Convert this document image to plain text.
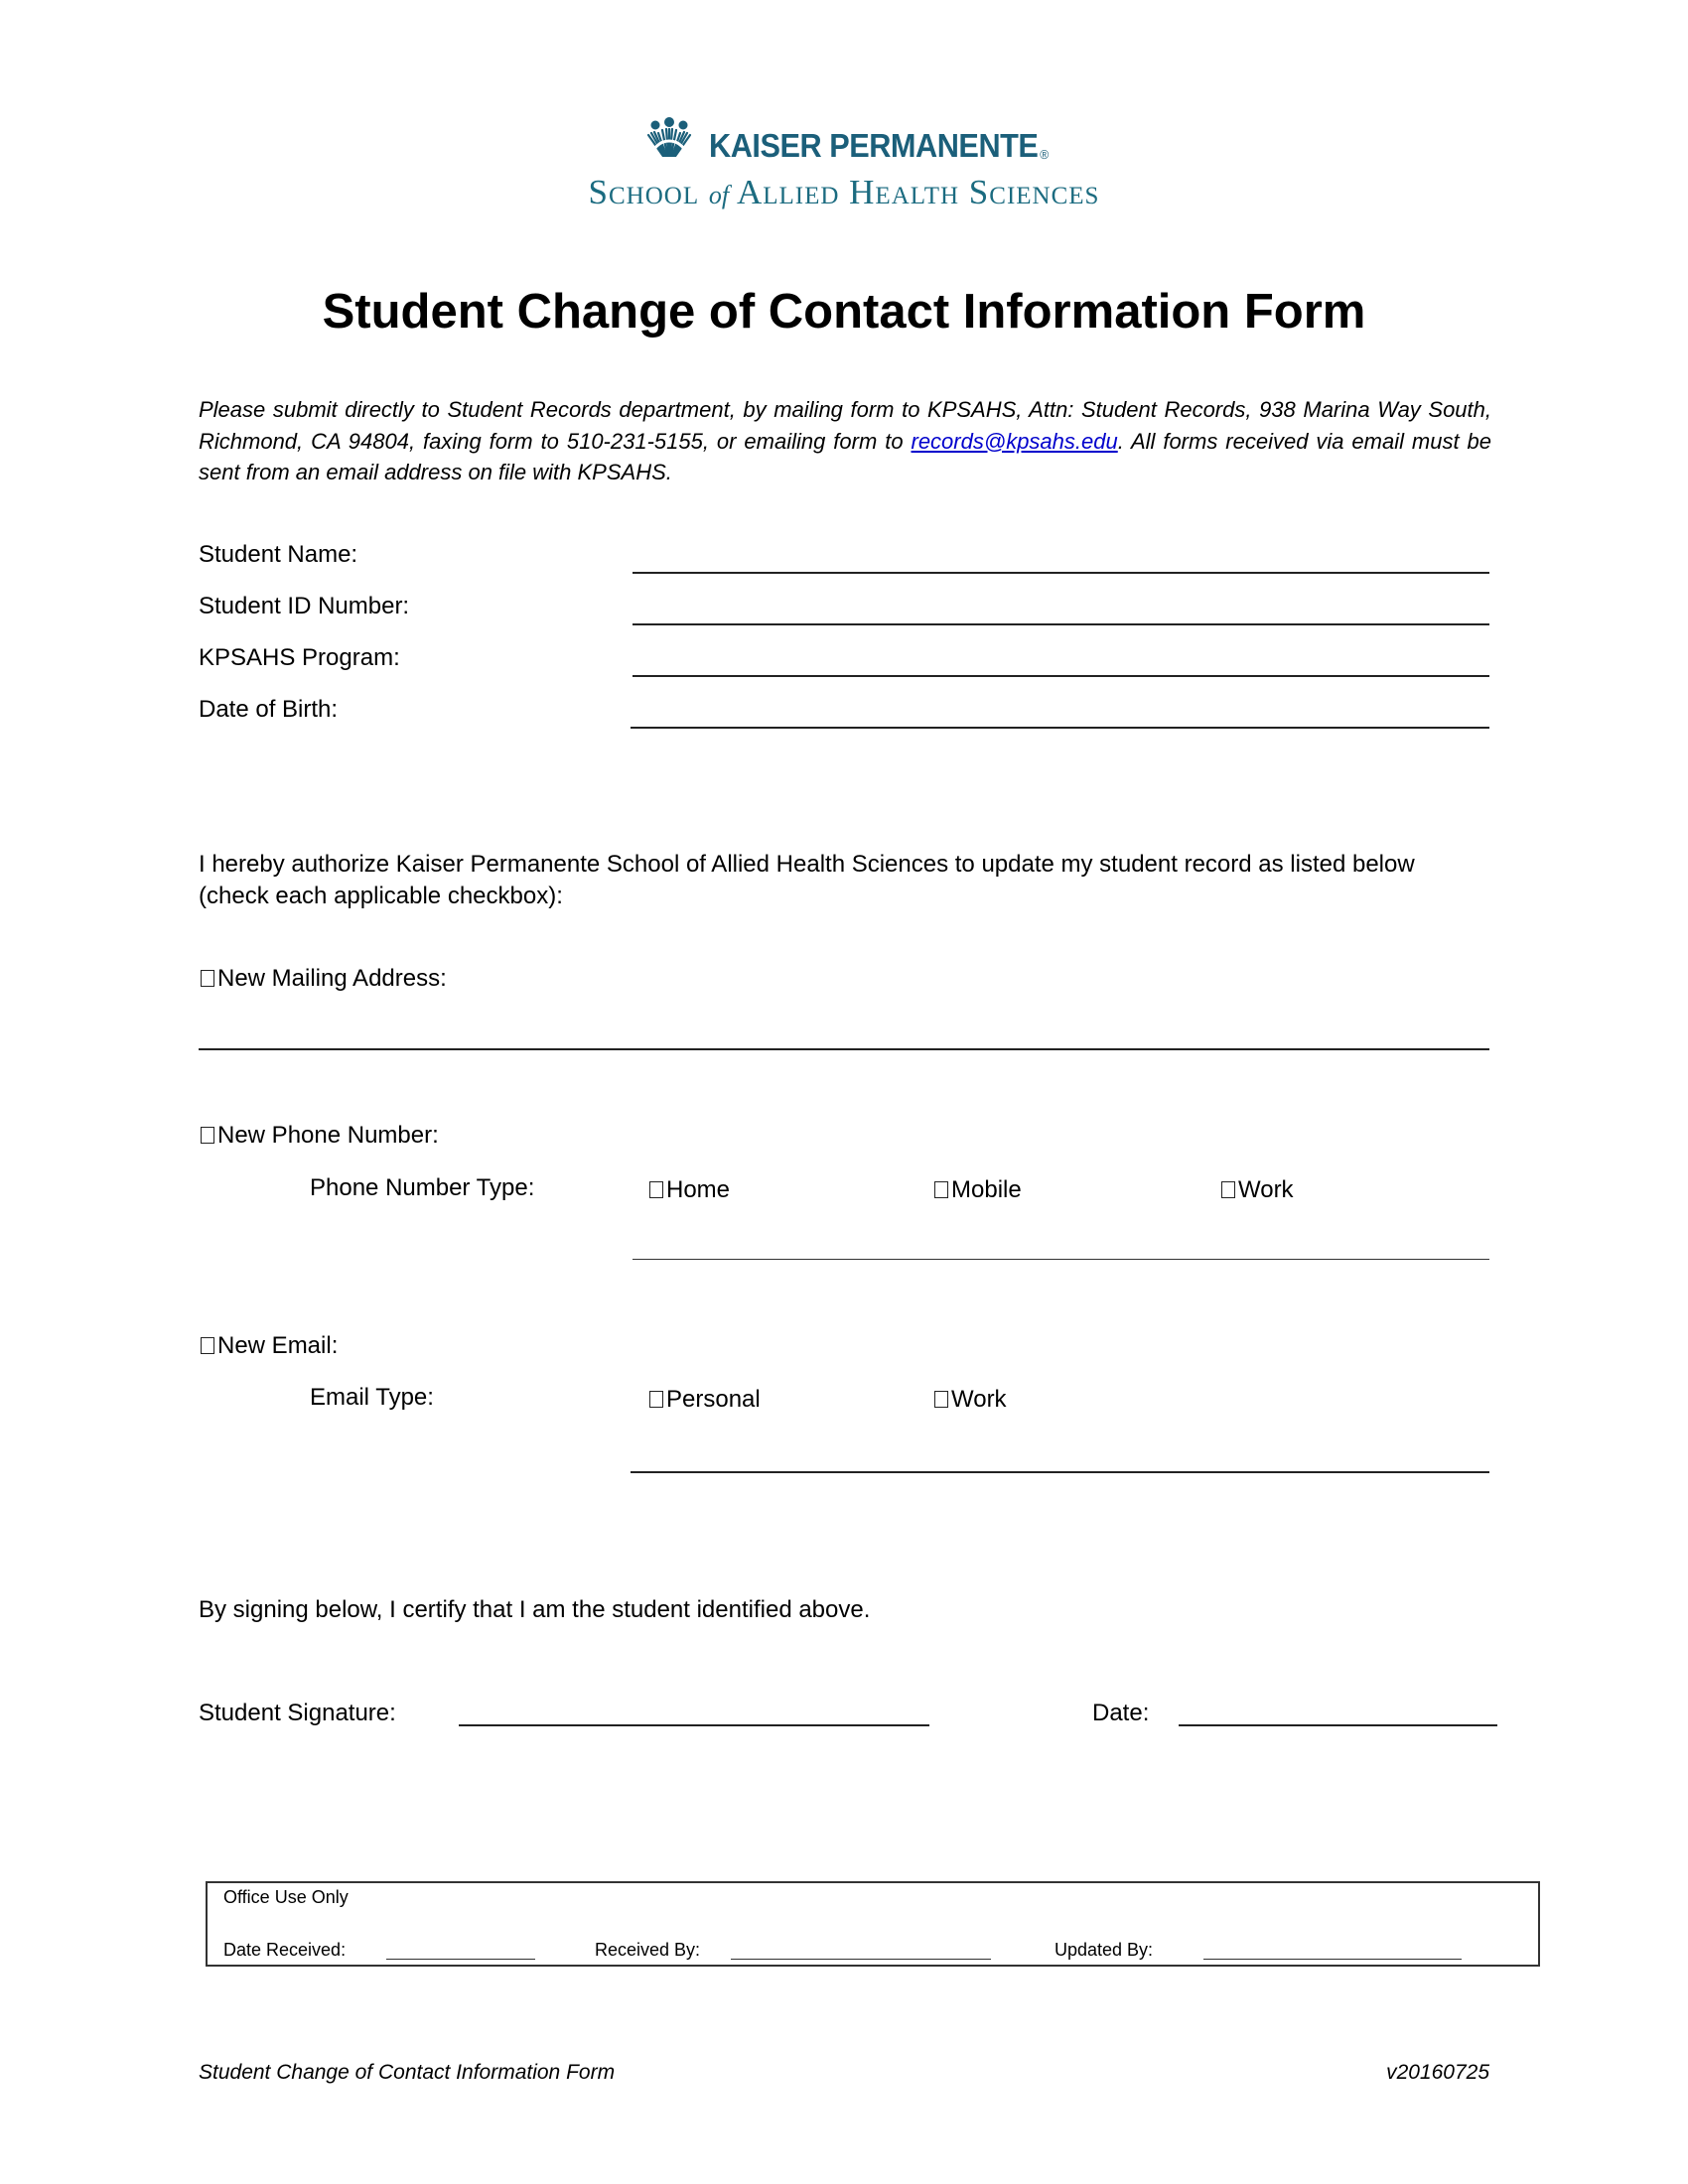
KAISER PERMANENTE ®
School of Allied Health Sciences
Student Change of Contact Information Form
Please submit directly to Student Records department, by mailing form to KPSAHS, Attn: Student Records, 938 Marina Way South, Richmond, CA 94804, faxing form to 510-231-5155, or emailing form to records@kpsahs.edu. All forms received via email must be sent from an email address on file with KPSAHS.
Student Name:
Student ID Number:
KPSAHS Program:
Date of Birth:
I hereby authorize Kaiser Permanente School of Allied Health Sciences to update my student record as listed below
(check each applicable checkbox):
New Mailing Address:
New Phone Number:
Phone Number Type:	Home	Mobile	Work
New Email:
Email Type:	Personal	Work
By signing below, I certify that I am the student identified above.
Student Signature:	Date:
Office Use Only
Date Received:	Received By:	Updated By:
Student Change of Contact Information Form	v20160725
